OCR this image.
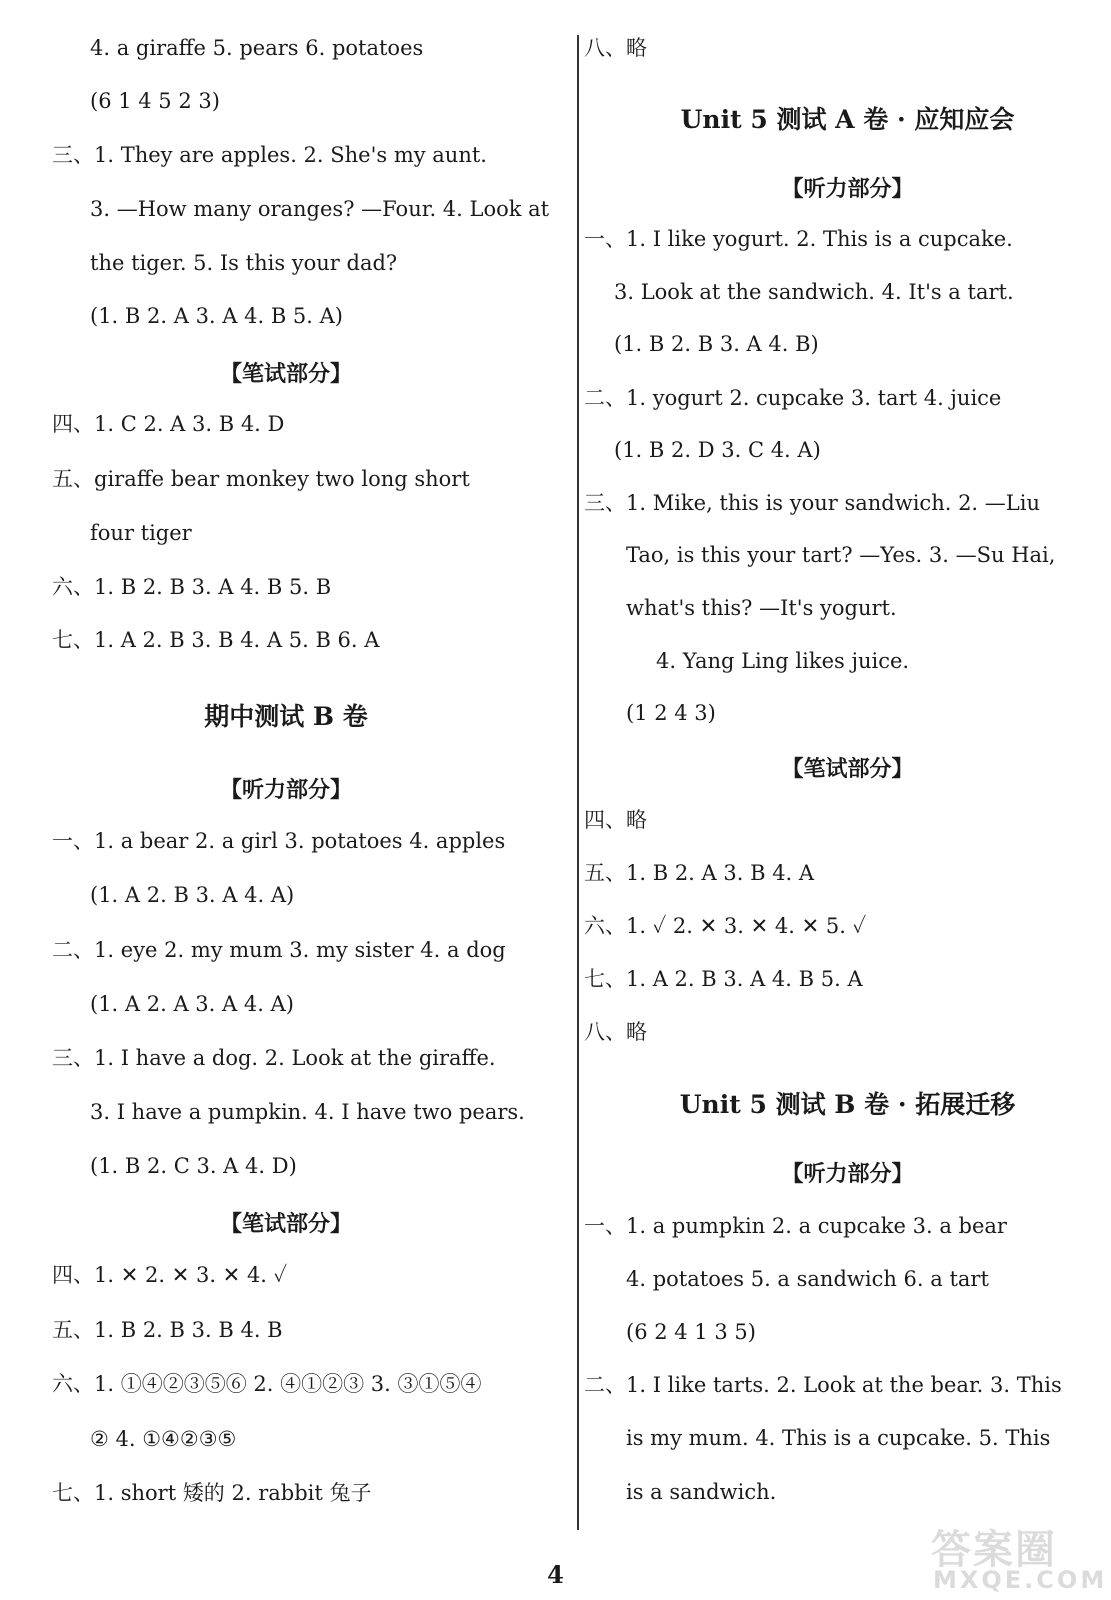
4. a giraffe 5. pears 6. potatoes
(6 1 4 5 2 3)
三、1. They are apples. 2. She's my aunt.
3. —How many oranges? —Four. 4. Look at
the tiger. 5. Is this your dad?
(1. B 2. A 3. A 4. B 5. A)
【笔试部分】
四、1. C 2. A 3. B 4. D
五、giraffe bear monkey two long short
four tiger
六、1. B 2. B 3. A 4. B 5. B
七、1. A 2. B 3. B 4. A 5. B 6. A
期中测试 B 卷
【听力部分】
一、1. a bear 2. a girl 3. potatoes 4. apples
(1. A 2. B 3. A 4. A)
二、1. eye 2. my mum 3. my sister 4. a dog
(1. A 2. A 3. A 4. A)
三、1. I have a dog. 2. Look at the giraffe.
3. I have a pumpkin. 4. I have two pears.
(1. B 2. C 3. A 4. D)
【笔试部分】
四、1. ✕ 2. ✕ 3. ✕ 4. ✓
五、1. B 2. B 3. B 4. B
六、1. ①④②③⑤⑥ 2. ④①②③ 3. ③①⑤④
② 4. ①④②③⑤
七、1. short 矮的 2. rabbit 兔子
八、略
Unit 5 测试 A 卷 · 应知应会
【听力部分】
一、1. I like yogurt. 2. This is a cupcake.
3. Look at the sandwich. 4. It's a tart.
(1. B 2. B 3. A 4. B)
二、1. yogurt 2. cupcake 3. tart 4. juice
(1. B 2. D 3. C 4. A)
三、1. Mike, this is your sandwich. 2. —Liu
Tao, is this your tart? —Yes. 3. —Su Hai,
what's this? —It's yogurt.
4. Yang Ling likes juice.
(1 2 4 3)
【笔试部分】
四、略
五、1. B 2. A 3. B 4. A
六、1. ✓ 2. ✕ 3. ✕ 4. ✕ 5. ✓
七、1. A 2. B 3. A 4. B 5. A
八、略
Unit 5 测试 B 卷 · 拓展迁移
【听力部分】
一、1. a pumpkin 2. a cupcake 3. a bear
4. potatoes 5. a sandwich 6. a tart
(6 2 4 1 3 5)
二、1. I like tarts. 2. Look at the bear. 3. This
is my mum. 4. This is a cupcake. 5. This
is a sandwich.
4
答案圈
MXQE.COM
